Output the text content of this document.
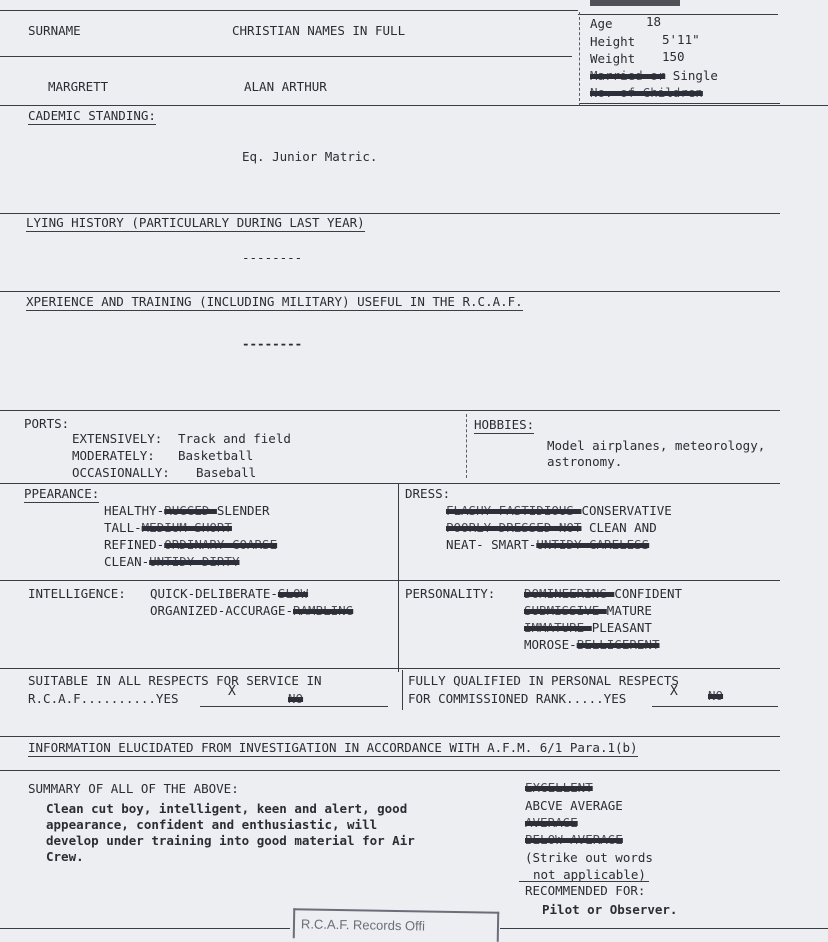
SURNAME	CHRISTIAN NAMES IN FULL
MARGRETT	ALAN ARTHUR
Age	18
Height 5'11"
Weight 150
Married or Single
No. of Children
CADEMIC STANDING:
Eq. Junior Matric.
LYING HISTORY (PARTICULARLY DURING LAST YEAR)
--------
XPERIENCE AND TRAINING (INCLUDING MILITARY) USEFUL IN THE R.C.A.F.
--------
PORTS:
EXTENSIVELY: Track and field
MODERATELY: Basketball
OCCASIONALLY: Baseball
HOBBIES:
Model airplanes, meteorology,
astronomy.
PPEARANCE:
HEALTHY-RUGGED-SLENDER
TALL-MEDIUM-SHORT
REFINED-ORDINARY-COARSE
CLEAN-UNTIDY-DIRTY
DRESS:
FLASHY-FASTIDIOUS-CONSERVATIVE
POORLY DRESSED-NOT CLEAN AND
NEAT- SMART-UNTIDY-CARELESS
INTELLIGENCE: QUICK-DELIBERATE-SLOW
ORGANIZED-ACCURAGE-RAMBLING
PERSONALITY: DOMINEERING-CONFIDENT
SUBMISSIVE-MATURE
IMMATURE-PLEASANT
MOROSE-BELLIGERENT
SUITABLE IN ALL RESPECTS FOR SERVICE IN
R.C.A.F..........YES	X	NO
FULLY QUALIFIED IN PERSONAL RESPECTS
FOR COMMISSIONED RANK.....YES	X NO
INFORMATION ELUCIDATED FROM INVESTIGATION IN ACCORDANCE WITH A.F.M. 6/1 Para.1(b)
SUMMARY OF ALL OF THE ABOVE:
Clean cut boy, intelligent, keen and alert, good
appearance, confident and enthusiastic, will
develop under training into good material for Air
Crew.
EXCELLENT
ABCVE AVERAGE
AVERAGE
BELOW AVERAGE
(Strike out words
not applicable)
RECOMMENDED FOR:
Pilot or Observer.
R.C.A.F. Records Offi
